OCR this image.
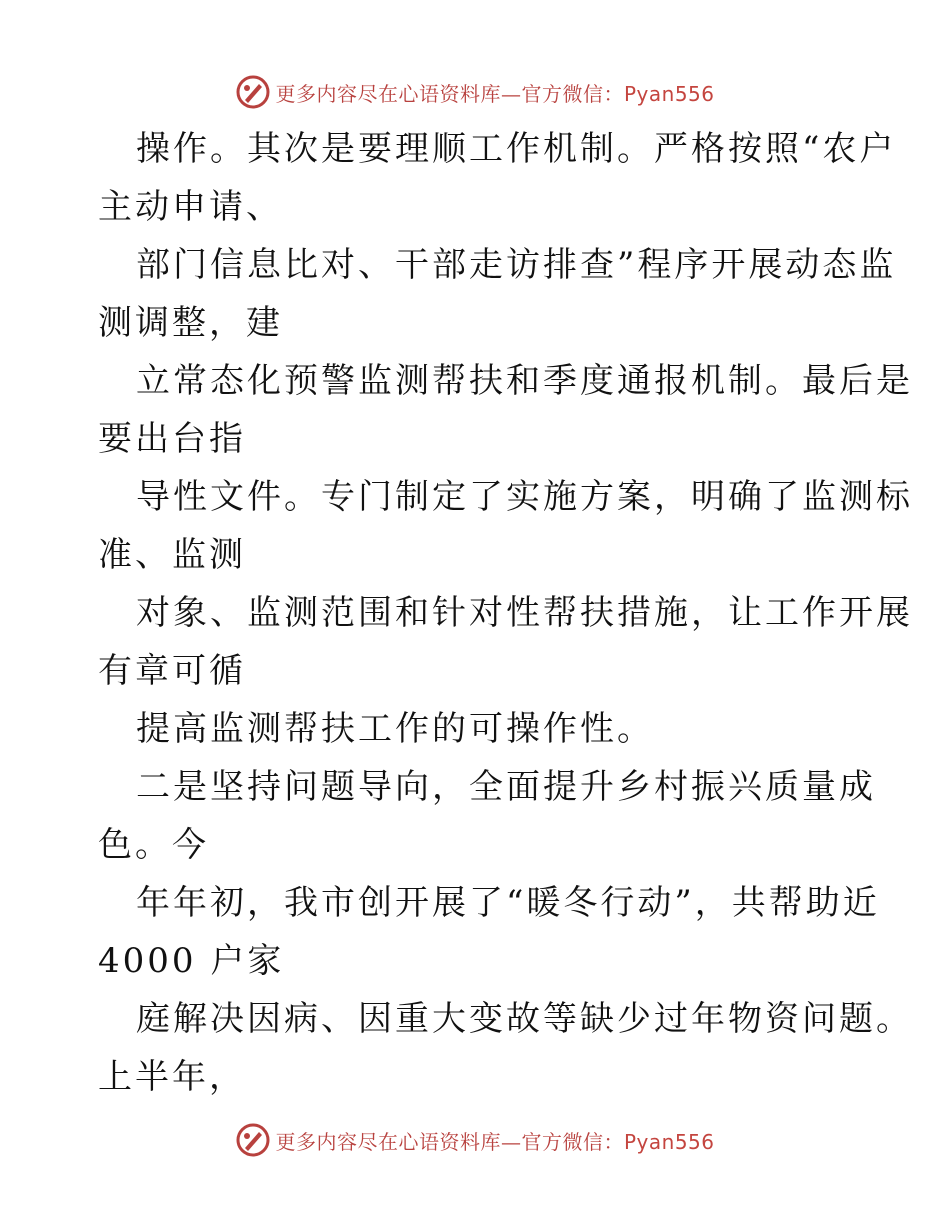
更多内容尽在心语资料库—官方微信：Pyan556
操作。其次是要理顺工作机制。严格按照“农户
主动申请、
部门信息比对、干部走访排查”程序开展动态监
测调整，建
立常态化预警监测帮扶和季度通报机制。最后是
要出台指
导性文件。专门制定了实施方案，明确了监测标
准、监测
对象、监测范围和针对性帮扶措施，让工作开展
有章可循
提高监测帮扶工作的可操作性。
二是坚持问题导向，全面提升乡村振兴质量成
色。今
年年初，我市创开展了“暖冬行动”，共帮助近
4000 户家
庭解决因病、因重大变故等缺少过年物资问题。
上半年，
更多内容尽在心语资料库—官方微信：Pyan556
